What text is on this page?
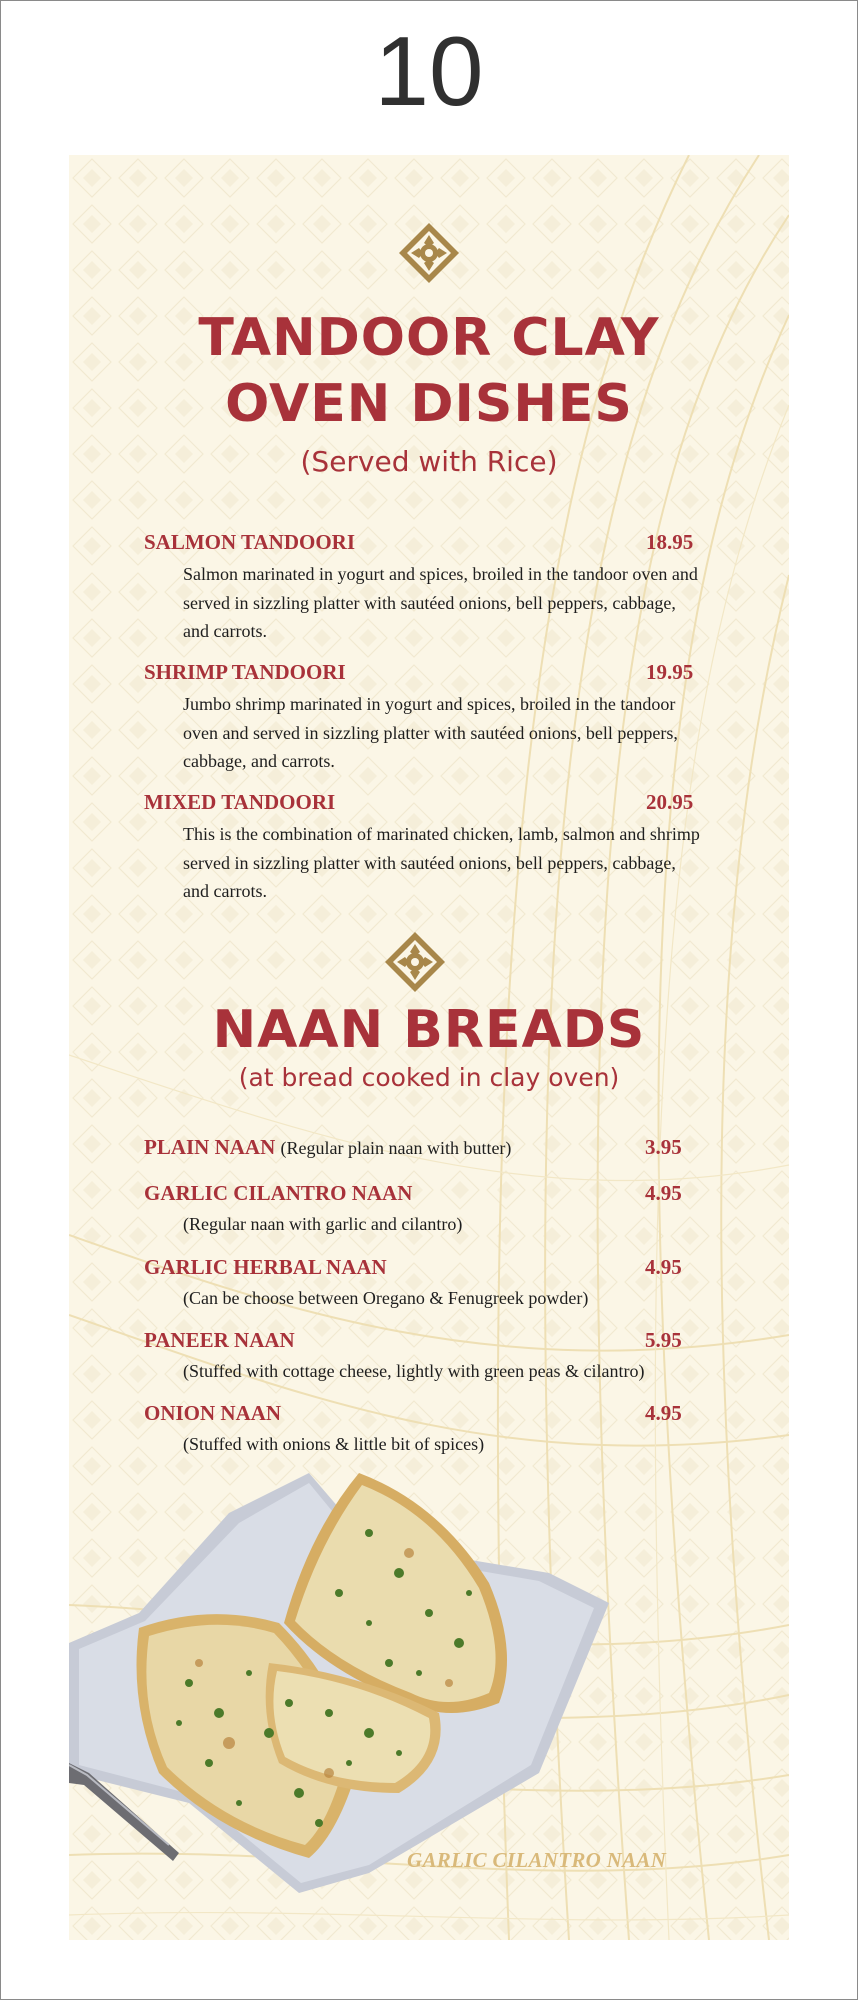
10
TANDOOR CLAY
OVEN DISHES
(Served with Rice)
SALMON TANDOORI	18.95
Salmon marinated in yogurt and spices, broiled in the tandoor oven and served in sizzling platter with sautéed onions, bell peppers, cabbage, and carrots.
SHRIMP TANDOORI	19.95
Jumbo shrimp marinated in yogurt and spices, broiled in the tandoor oven and served in sizzling platter with sautéed onions, bell peppers, cabbage, and carrots.
MIXED TANDOORI	20.95
This is the combination of marinated chicken, lamb, salmon and shrimp served in sizzling platter with sautéed onions, bell peppers, cabbage, and carrots.
NAAN BREADS
(at bread cooked in clay oven)
PLAIN NAAN (Regular plain naan with butter)	3.95
GARLIC CILANTRO NAAN	4.95
(Regular naan with garlic and cilantro)
GARLIC HERBAL NAAN	4.95
(Can be choose between Oregano & Fenugreek powder)
PANEER NAAN	5.95
(Stuffed with cottage cheese, lightly with green peas & cilantro)
ONION NAAN	4.95
(Stuffed with onions & little bit of spices)
GARLIC CILANTRO NAAN
